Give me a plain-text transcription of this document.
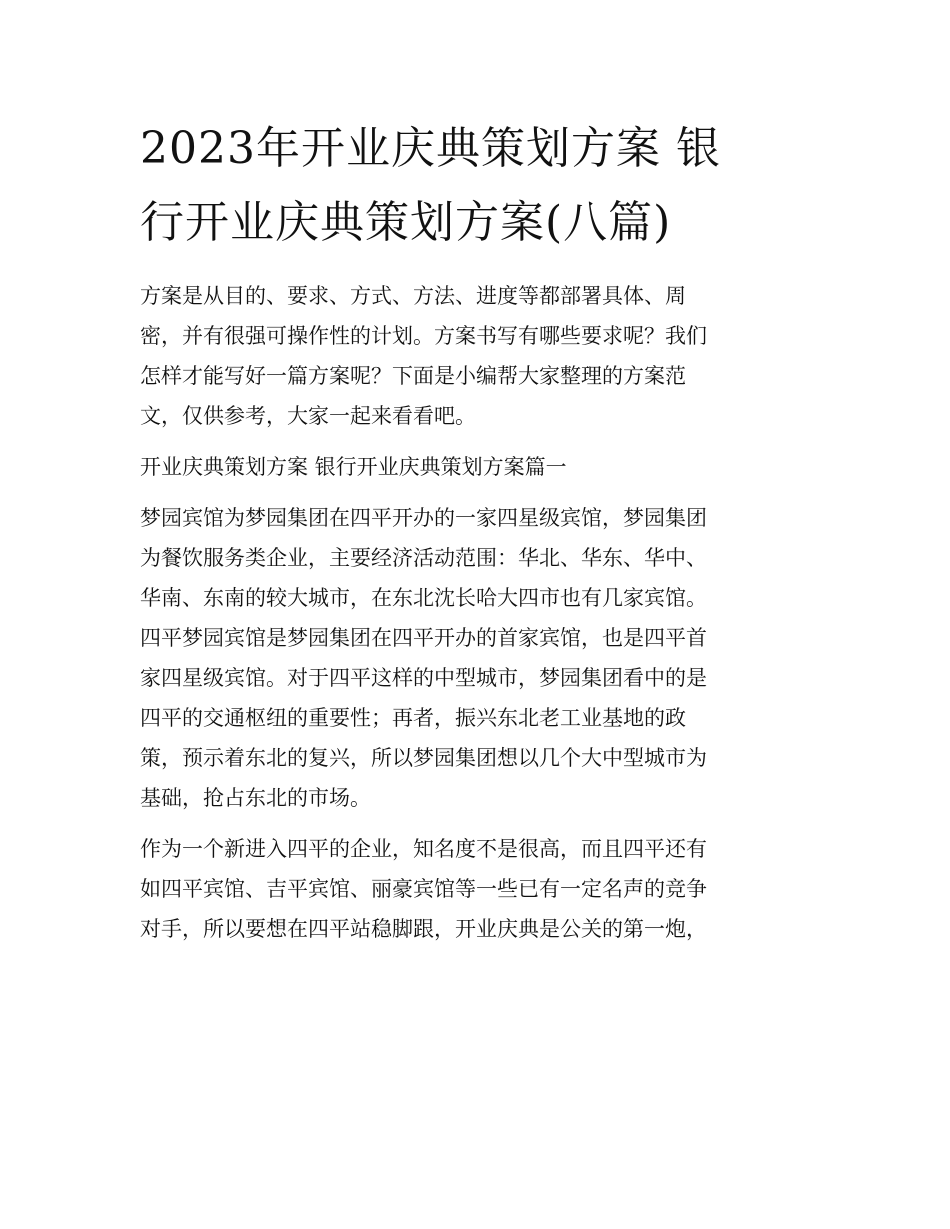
2023年开业庆典策划方案 银
行开业庆典策划方案(八篇)

方案是从目的、要求、方式、方法、进度等都部署具体、周
密，并有很强可操作性的计划。方案书写有哪些要求呢？我们
怎样才能写好一篇方案呢？下面是小编帮大家整理的方案范
文，仅供参考，大家一起来看看吧。

开业庆典策划方案 银行开业庆典策划方案篇一

梦园宾馆为梦园集团在四平开办的一家四星级宾馆，梦园集团
为餐饮服务类企业，主要经济活动范围：华北、华东、华中、
华南、东南的较大城市，在东北沈长哈大四市也有几家宾馆。
四平梦园宾馆是梦园集团在四平开办的首家宾馆，也是四平首
家四星级宾馆。对于四平这样的中型城市，梦园集团看中的是
四平的交通枢纽的重要性；再者，振兴东北老工业基地的政
策，预示着东北的复兴，所以梦园集团想以几个大中型城市为
基础，抢占东北的市场。

作为一个新进入四平的企业，知名度不是很高，而且四平还有
如四平宾馆、吉平宾馆、丽豪宾馆等一些已有一定名声的竞争
对手，所以要想在四平站稳脚跟，开业庆典是公关的第一炮，
